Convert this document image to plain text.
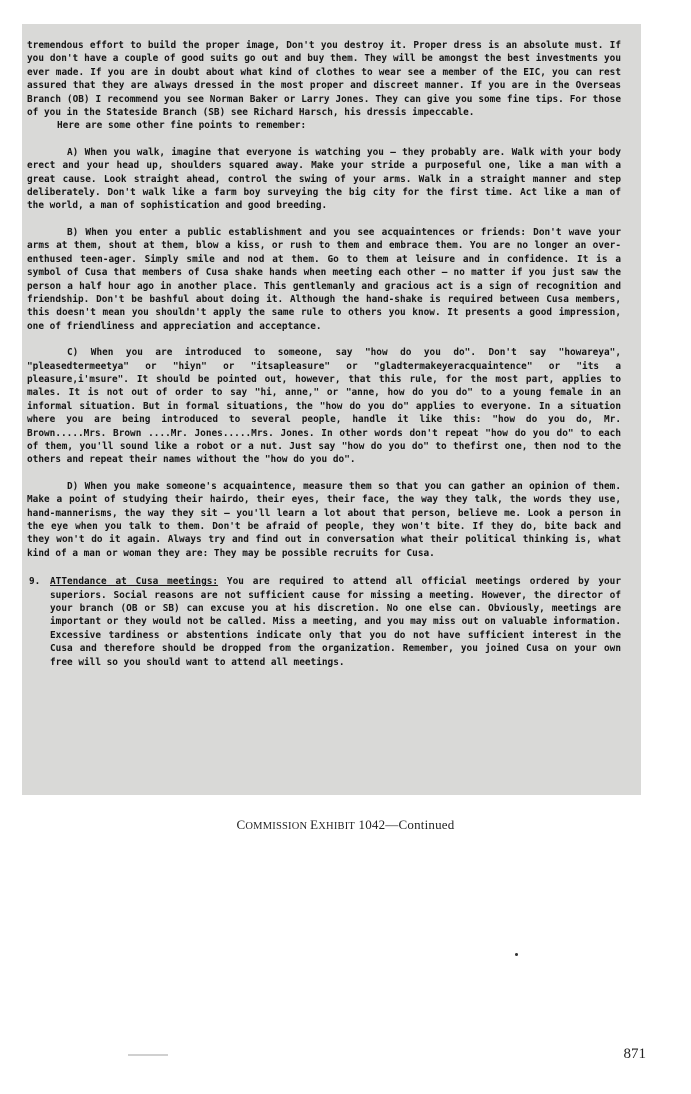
tremendous effort to build the proper image, Don't you destroy it. Proper dress is an absolute must. If you don't have a couple of good suits go out and buy them. They will be amongst the best investments you ever made. If you are in doubt about what kind of clothes to wear see a member of the EIC, you can rest assured that they are always dressed in the most proper and discreet manner. If you are in the Overseas Branch (OB) I recommend you see Norman Baker or Larry Jones. They can give you some fine tips. For those of you in the Stateside Branch (SB) see Richard Harsch, his dressis impeccable.

Here are some other fine points to remember:

A) When you walk, imagine that everyone is watching you — they probably are. Walk with your body erect and your head up, shoulders squared away. Make your stride a purposeful one, like a man with a great cause. Look straight ahead, control the swing of your arms. Walk in a straight manner and step deliberately. Don't walk like a farm boy surveying the big city for the first time. Act like a man of the world, a man of sophistication and good breeding.

B) When you enter a public establishment and you see acquaintences or friends: Don't wave your arms at them, shout at them, blow a kiss, or rush to them and embrace them. You are no longer an over-enthused teen-ager. Simply smile and nod at them. Go to them at leisure and in confidence. It is a symbol of Cusa that members of Cusa shake hands when meeting each other — no matter if you just saw the person a half hour ago in another place. This gentlemanly and gracious act is a sign of recognition and friendship. Don't be bashful about doing it. Although the hand-shake is required between Cusa members, this doesn't mean you shouldn't apply the same rule to others you know. It presents a good impression, one of friendliness and appreciation and acceptance.

C) When you are introduced to someone, say "how do you do". Don't say "howareya", "pleasedtermeetya" or "hiyn" or "itsapleasure" or "gladtermakeyeracquaintence" or "its a pleasure,i'msure". It should be pointed out, however, that this rule, for the most part, applies to males. It is not out of order to say "hi, anne," or "anne, how do you do" to a young female in an informal situation. But in formal situations, the "how do you do" applies to everyone. In a situation where you are being introduced to several people, handle it like this: "how do you do, Mr. Brown.....Mrs. Brown ....Mr. Jones.....Mrs. Jones. In other words don't repeat "how do you do" to each of them, you'll sound like a robot or a nut. Just say "how do you do" to thefirst one, then nod to the others and repeat their names without the "how do you do".

D) When you make someone's acquaintence, measure them so that you can gather an opinion of them. Make a point of studying their hairdo, their eyes, their face, the way they talk, the words they use, hand-mannerisms, the way they sit — you'll learn a lot about that person, believe me. Look a person in the eye when you talk to them. Don't be afraid of people, they won't bite. If they do, bite back and they won't do it again. Always try and find out in conversation what their political thinking is, what kind of a man or woman they are: They may be possible recruits for Cusa.

9. ATTendance at Cusa meetings: You are required to attend all official meetings ordered by your superiors. Social reasons are not sufficient cause for missing a meeting. However, the director of your branch (OB or SB) can excuse you at his discretion. No one else can. Obviously, meetings are important or they would not be called. Miss a meeting, and you may miss out on valuable information. Excessive tardiness or abstentions indicate only that you do not have sufficient interest in the Cusa and therefore should be dropped from the organization. Remember, you joined Cusa on your own free will so you should want to attend all meetings.
COMMISSION EXHIBIT 1042—Continued
871
